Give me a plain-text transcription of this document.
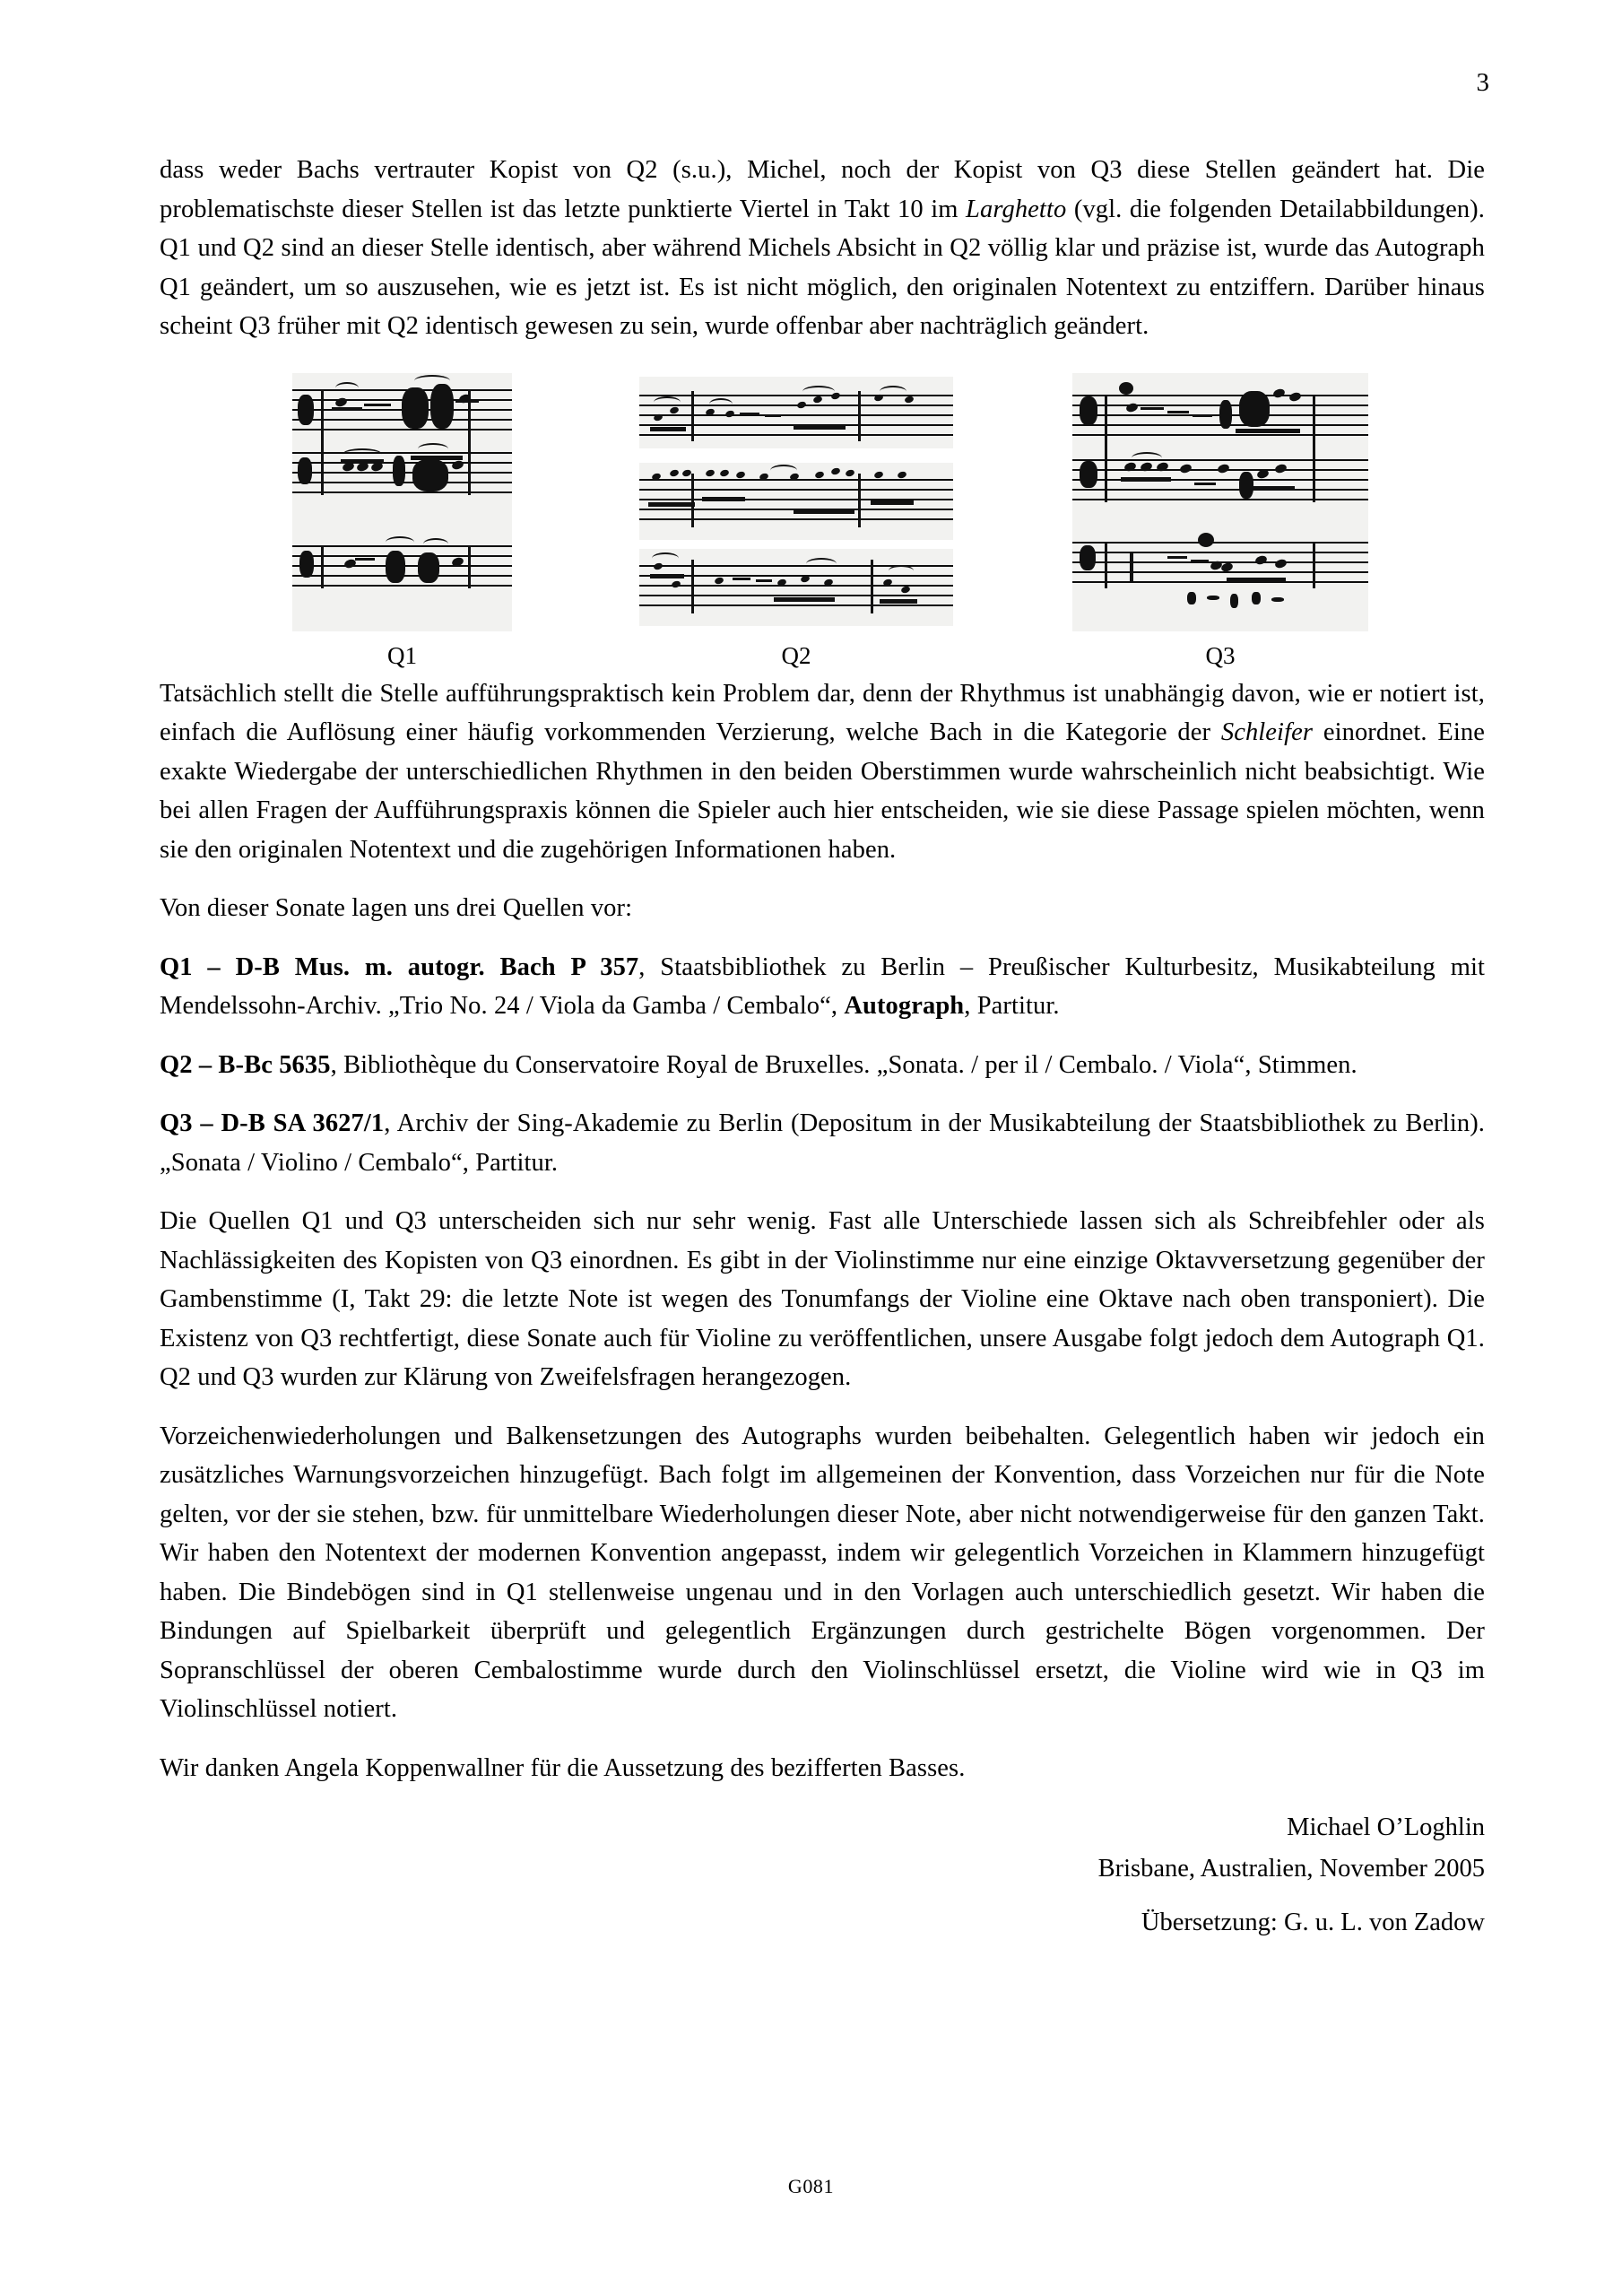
3

dass weder Bachs vertrauter Kopist von Q2 (s.u.), Michel, noch der Kopist von Q3 diese Stellen geändert hat. Die problematischste dieser Stellen ist das letzte punktierte Viertel in Takt 10 im Larghetto (vgl. die folgenden Detailabbildungen). Q1 und Q2 sind an dieser Stelle identisch, aber während Michels Absicht in Q2 völlig klar und präzise ist, wurde das Autograph Q1 geändert, um so auszusehen, wie es jetzt ist. Es ist nicht möglich, den originalen Notentext zu entziffern. Darüber hinaus scheint Q3 früher mit Q2 identisch gewesen zu sein, wurde offenbar aber nachträglich geändert.

Q1	Q2	Q3

Tatsächlich stellt die Stelle aufführungspraktisch kein Problem dar, denn der Rhythmus ist unabhängig davon, wie er notiert ist, einfach die Auflösung einer häufig vorkommenden Verzierung, welche Bach in die Kategorie der Schleifer einordnet. Eine exakte Wiedergabe der unterschiedlichen Rhythmen in den beiden Oberstimmen wurde wahrscheinlich nicht beabsichtigt. Wie bei allen Fragen der Aufführungspraxis können die Spieler auch hier entscheiden, wie sie diese Passage spielen möchten, wenn sie den originalen Notentext und die zugehörigen Informationen haben.

Von dieser Sonate lagen uns drei Quellen vor:

Q1 – D-B Mus. m. autogr. Bach P 357, Staatsbibliothek zu Berlin – Preußischer Kulturbesitz, Musikabteilung mit Mendelssohn-Archiv. „Trio No. 24 / Viola da Gamba / Cembalo“, Autograph, Partitur.

Q2 – B-Bc 5635, Bibliothèque du Conservatoire Royal de Bruxelles. „Sonata. / per il / Cembalo. / Viola“, Stimmen.

Q3 – D-B SA 3627/1, Archiv der Sing-Akademie zu Berlin (Depositum in der Musikabteilung der Staatsbibliothek zu Berlin). „Sonata / Violino / Cembalo“, Partitur.

Die Quellen Q1 und Q3 unterscheiden sich nur sehr wenig. Fast alle Unterschiede lassen sich als Schreibfehler oder als Nachlässigkeiten des Kopisten von Q3 einordnen. Es gibt in der Violinstimme nur eine einzige Oktavversetzung gegenüber der Gambenstimme (I, Takt 29: die letzte Note ist wegen des Tonumfangs der Violine eine Oktave nach oben transponiert). Die Existenz von Q3 rechtfertigt, diese Sonate auch für Violine zu veröffentlichen, unsere Ausgabe folgt jedoch dem Autograph Q1. Q2 und Q3 wurden zur Klärung von Zweifelsfragen herangezogen.

Vorzeichenwiederholungen und Balkensetzungen des Autographs wurden beibehalten. Gelegentlich haben wir jedoch ein zusätzliches Warnungsvorzeichen hinzugefügt. Bach folgt im allgemeinen der Konvention, dass Vorzeichen nur für die Note gelten, vor der sie stehen, bzw. für unmittelbare Wiederholungen dieser Note, aber nicht notwendigerweise für den ganzen Takt. Wir haben den Notentext der modernen Konvention angepasst, indem wir gelegentlich Vorzeichen in Klammern hinzugefügt haben. Die Bindebögen sind in Q1 stellenweise ungenau und in den Vorlagen auch unterschiedlich gesetzt. Wir haben die Bindungen auf Spielbarkeit überprüft und gelegentlich Ergänzungen durch gestrichelte Bögen vorgenommen. Der Sopranschlüssel der oberen Cembalostimme wurde durch den Violinschlüssel ersetzt, die Violine wird wie in Q3 im Violinschlüssel notiert.

Wir danken Angela Koppenwallner für die Aussetzung des bezifferten Basses.

Michael O’Loghlin
Brisbane, Australien, November 2005
Übersetzung: G. u. L. von Zadow
G081
